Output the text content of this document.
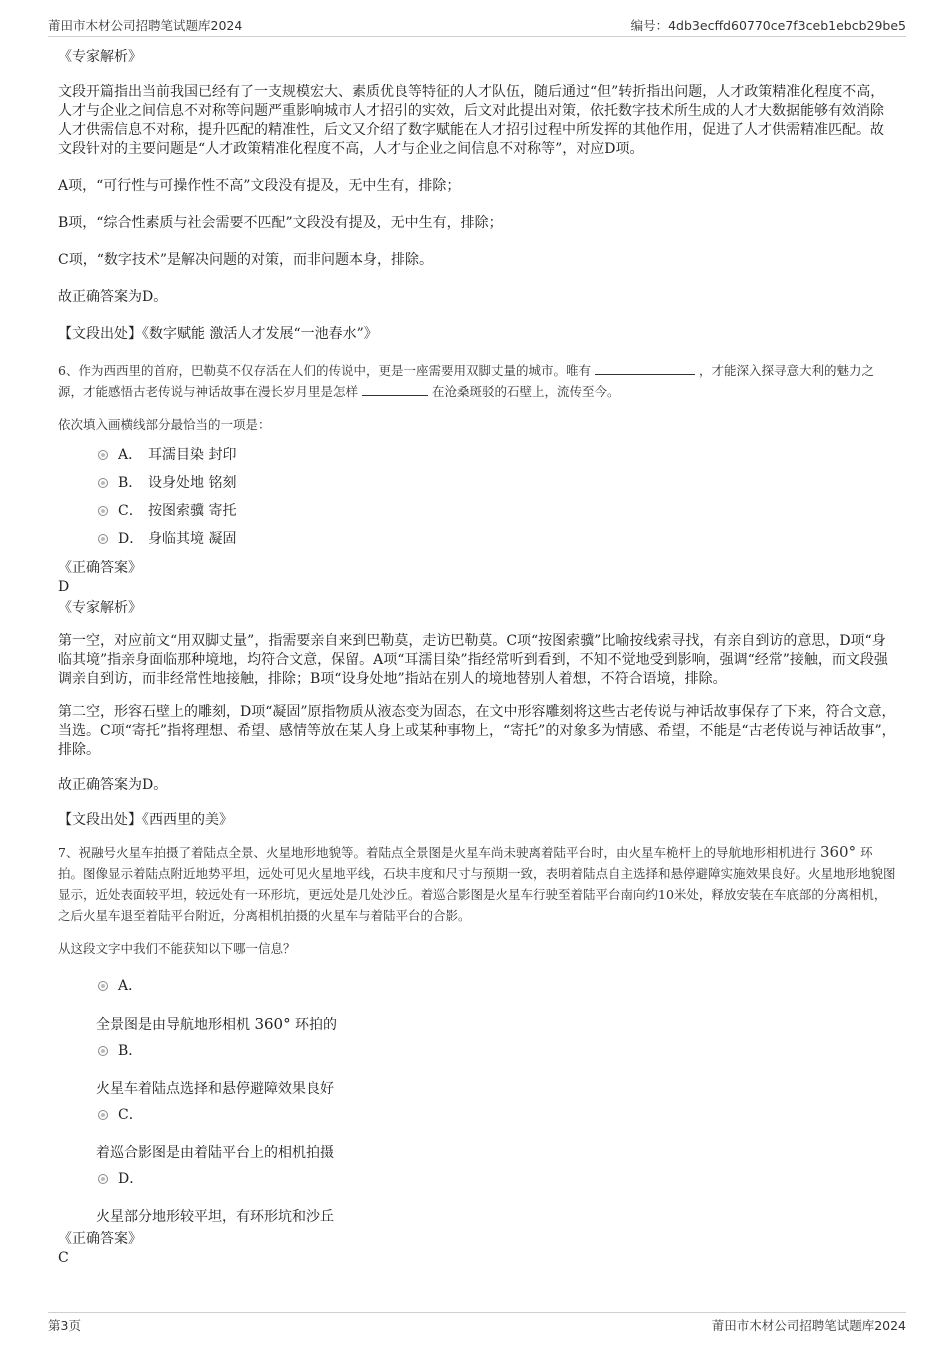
莆田市木材公司招聘笔试题库2024	编号：4db3ecffd60770ce7f3ceb1ebcb29be5

《专家解析》

文段开篇指出当前我国已经有了一支规模宏大、素质优良等特征的人才队伍，随后通过“但”转折指出问题，人才政策精准化程度不高，人才与企业之间信息不对称等问题严重影响城市人才招引的实效，后文对此提出对策，依托数字技术所生成的人才大数据能够有效消除人才供需信息不对称，提升匹配的精准性，后文又介绍了数字赋能在人才招引过程中所发挥的其他作用，促进了人才供需精准匹配。故文段针对的主要问题是“人才政策精准化程度不高，人才与企业之间信息不对称等”，对应D项。

A项，“可行性与可操作性不高”文段没有提及，无中生有，排除；

B项，“综合性素质与社会需要不匹配”文段没有提及，无中生有，排除；

C项，“数字技术”是解决问题的对策，而非问题本身，排除。

故正确答案为D。

【文段出处】《数字赋能 激活人才发展“一池春水”》

6、作为西西里的首府，巴勒莫不仅存活在人们的传说中，更是一座需要用双脚丈量的城市。唯有	，才能深入探寻意大利的魅力之源，才能感悟古老传说与神话故事在漫长岁月里是怎样	在沧桑斑驳的石壁上，流传至今。

依次填入画横线部分最恰当的一项是：

A． 耳濡目染 封印
B． 设身处地 铭刻
C． 按图索骥 寄托
D． 身临其境 凝固

《正确答案》

D

《专家解析》

第一空，对应前文“用双脚丈量”，指需要亲自来到巴勒莫，走访巴勒莫。C项“按图索骥”比喻按线索寻找，有亲自到访的意思，D项“身临其境”指亲身面临那种境地，均符合文意，保留。A项“耳濡目染”指经常听到看到，不知不觉地受到影响，强调“经常”接触，而文段强调亲自到访，而非经常性地接触，排除；B项“设身处地”指站在别人的境地替别人着想，不符合语境，排除。

第二空，形容石壁上的雕刻，D项“凝固”原指物质从液态变为固态，在文中形容雕刻将这些古老传说与神话故事保存了下来，符合文意，当选。C项“寄托”指将理想、希望、感情等放在某人身上或某种事物上，“寄托”的对象多为情感、希望，不能是“古老传说与神话故事”，排除。

故正确答案为D。

【文段出处】《西西里的美》

7、祝融号火星车拍摄了着陆点全景、火星地形地貌等。着陆点全景图是火星车尚未驶离着陆平台时，由火星车桅杆上的导航地形相机进行 360° 环拍。图像显示着陆点附近地势平坦，远处可见火星地平线，石块丰度和尺寸与预期一致，表明着陆点自主选择和悬停避障实施效果良好。火星地形地貌图显示，近处表面较平坦，较远处有一环形坑，更远处是几处沙丘。着巡合影图是火星车行驶至着陆平台南向约10米处，释放安装在车底部的分离相机，之后火星车退至着陆平台附近，分离相机拍摄的火星车与着陆平台的合影。

从这段文字中我们不能获知以下哪一信息？

A．
全景图是由导航地形相机 360° 环拍的
B．
火星车着陆点选择和悬停避障效果良好
C．
着巡合影图是由着陆平台上的相机拍摄
D．
火星部分地形较平坦，有环形坑和沙丘

《正确答案》

C

第3页	莆田市木材公司招聘笔试题库2024
